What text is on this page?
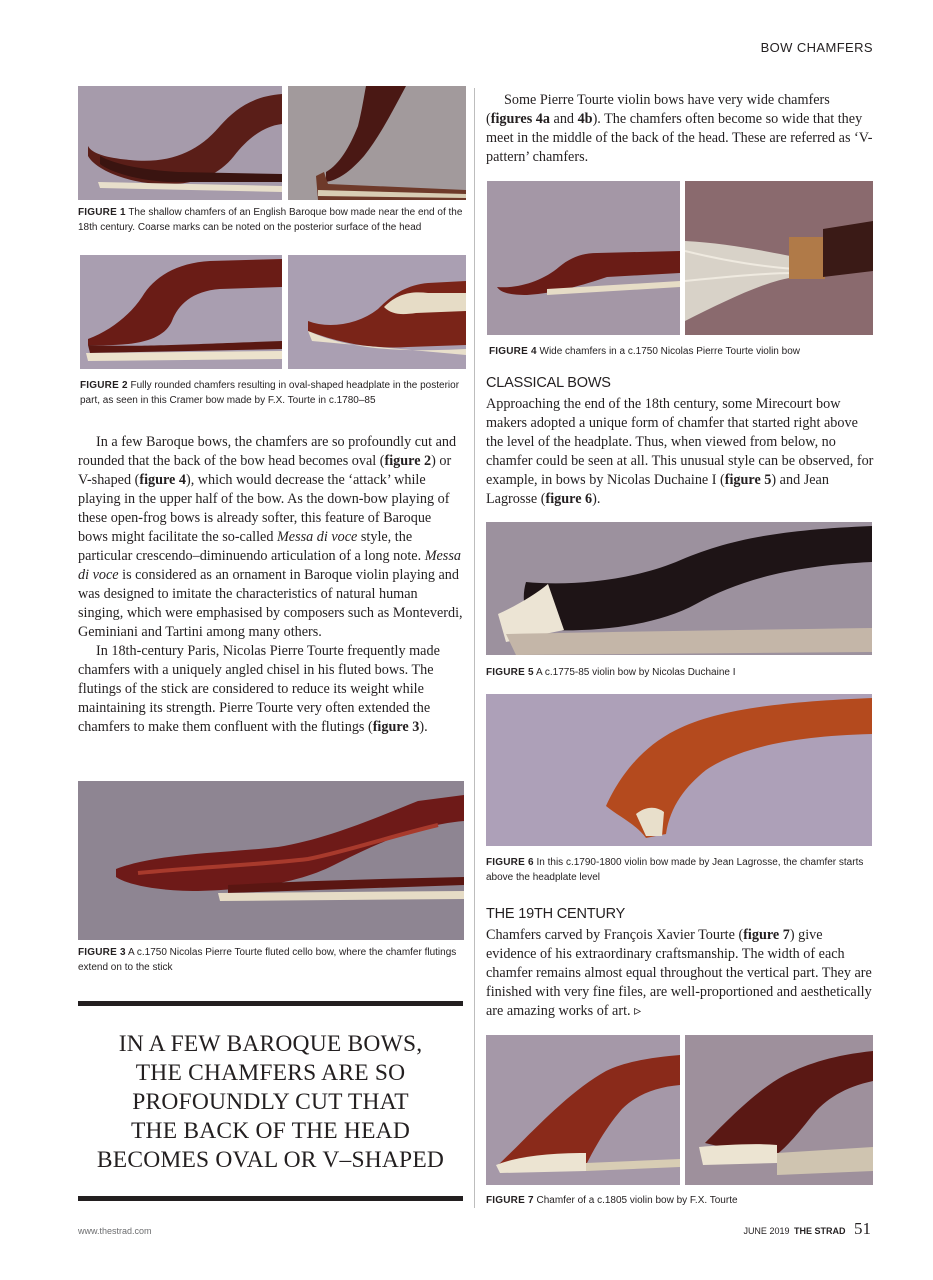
BOW CHAMFERS
FIGURE 1 The shallow chamfers of an English Baroque bow made near the end of the 18th century. Coarse marks can be noted on the posterior surface of the head
FIGURE 2 Fully rounded chamfers resulting in oval-shaped headplate in the posterior part, as seen in this Cramer bow made by F.X. Tourte in c.1780–85

In a few Baroque bows, the chamfers are so profoundly cut and rounded that the back of the bow head becomes oval (figure 2) or V-shaped (figure 4), which would decrease the ‘attack’ while playing in the upper half of the bow. As the down-bow playing of these open-frog bows is already softer, this feature of Baroque bows might facilitate the so-called Messa di voce style, the particular crescendo–diminuendo articulation of a long note. Messa di voce is considered as an ornament in Baroque violin playing and was designed to imitate the characteristics of natural human singing, which were emphasised by composers such as Monteverdi, Geminiani and Tartini among many others.

In 18th-century Paris, Nicolas Pierre Tourte frequently made chamfers with a uniquely angled chisel in his fluted bows. The flutings of the stick are considered to reduce its weight while maintaining its strength. Pierre Tourte very often extended the chamfers to make them confluent with the flutings (figure 3).

FIGURE 3 A c.1750 Nicolas Pierre Tourte fluted cello bow, where the chamfer flutings extend on to the stick
IN A FEW BAROQUE BOWS,
THE CHAMFERS ARE SO
PROFOUNDLY CUT THAT
THE BACK OF THE HEAD
BECOMES OVAL OR V–SHAPED

Some Pierre Tourte violin bows have very wide chamfers (figures 4a and 4b). The chamfers often become so wide that they meet in the middle of the back of the head. These are referred as ‘V-pattern’ chamfers.

FIGURE 4 Wide chamfers in a c.1750 Nicolas Pierre Tourte violin bow
CLASSICAL BOWS

Approaching the end of the 18th century, some Mirecourt bow makers adopted a unique form of chamfer that started right above the level of the headplate. Thus, when viewed from below, no chamfer could be seen at all. This unusual style can be observed, for example, in bows by Nicolas Duchaine I (figure 5) and Jean Lagrosse (figure 6).

FIGURE 5 A c.1775-85 violin bow by Nicolas Duchaine I
FIGURE 6 In this c.1790-1800 violin bow made by Jean Lagrosse, the chamfer starts above the headplate level
THE 19TH CENTURY

Chamfers carved by François Xavier Tourte (figure 7) give evidence of his extraordinary craftsmanship. The width of each chamfer remains almost equal throughout the vertical part. They are finished with very fine files, are well-proportioned and aesthetically are amazing works of art. ▹

FIGURE 7 Chamfer of a c.1805 violin bow by F.X. Tourte
www.thestrad.com	JUNE 2019 THE STRAD 51
